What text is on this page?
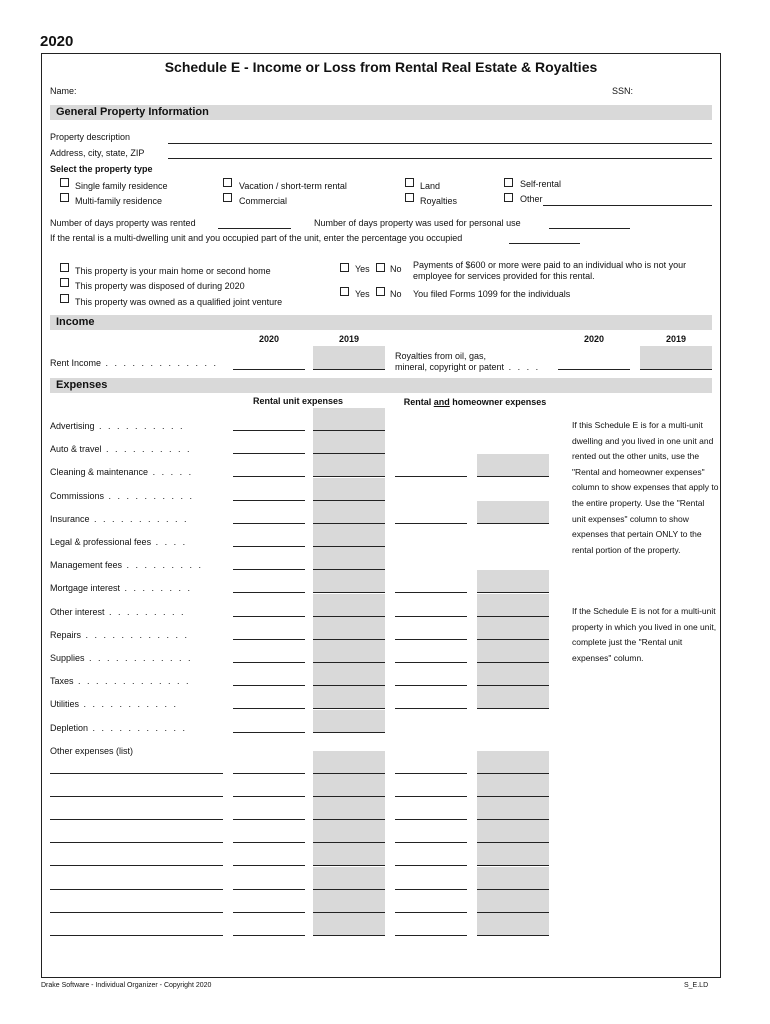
2020
Schedule E - Income or Loss from Rental Real Estate & Royalties
Name:	SSN:
General Property Information
Property description
Address, city, state, ZIP
Select the property type
Single family residence
Multi-family residence
Vacation / short-term rental
Commercial
Land
Royalties
Self-rental
Other
Number of days property was rented	Number of days property was used for personal use
If the rental is a multi-dwelling unit and you occupied part of the unit, enter the percentage you occupied
This property is your main home or second home
This property was disposed of during 2020
This property was owned as a qualified joint venture
Yes No Payments of $600 or more were paid to an individual who is not your employee for services provided for this rental.
Yes No You filed Forms 1099 for the individuals
Income
2020	2019	2020	2019
Rent Income . . . . . . . . . . . . .
Royalties from oil, gas,
mineral, copyright or patent . . . .
Expenses
Rental unit expenses	Rental and homeowner expenses
Advertising . . . . . . . . . .
Auto & travel . . . . . . . . . .
Cleaning & maintenance . . . . .
Commissions . . . . . . . . . .
Insurance . . . . . . . . . . .
Legal & professional fees . . . .
Management fees . . . . . . . . .
Mortgage interest . . . . . . . .
Other interest . . . . . . . . .
Repairs . . . . . . . . . . . .
Supplies . . . . . . . . . . . .
Taxes . . . . . . . . . . . . .
Utilities . . . . . . . . . . .
Depletion . . . . . . . . . . .
Other expenses (list)
If this Schedule E is for a multi-unit dwelling and you lived in one unit and rented out the other units, use the "Rental and homeowner expenses" column to show expenses that apply to the entire property. Use the "Rental unit expenses" column to show expenses that pertain ONLY to the rental portion of the property.
If the Schedule E is not for a multi-unit property in which you lived in one unit, complete just the "Rental unit expenses" column.
Drake Software - Individual Organizer - Copyright 2020	S_E.LD
